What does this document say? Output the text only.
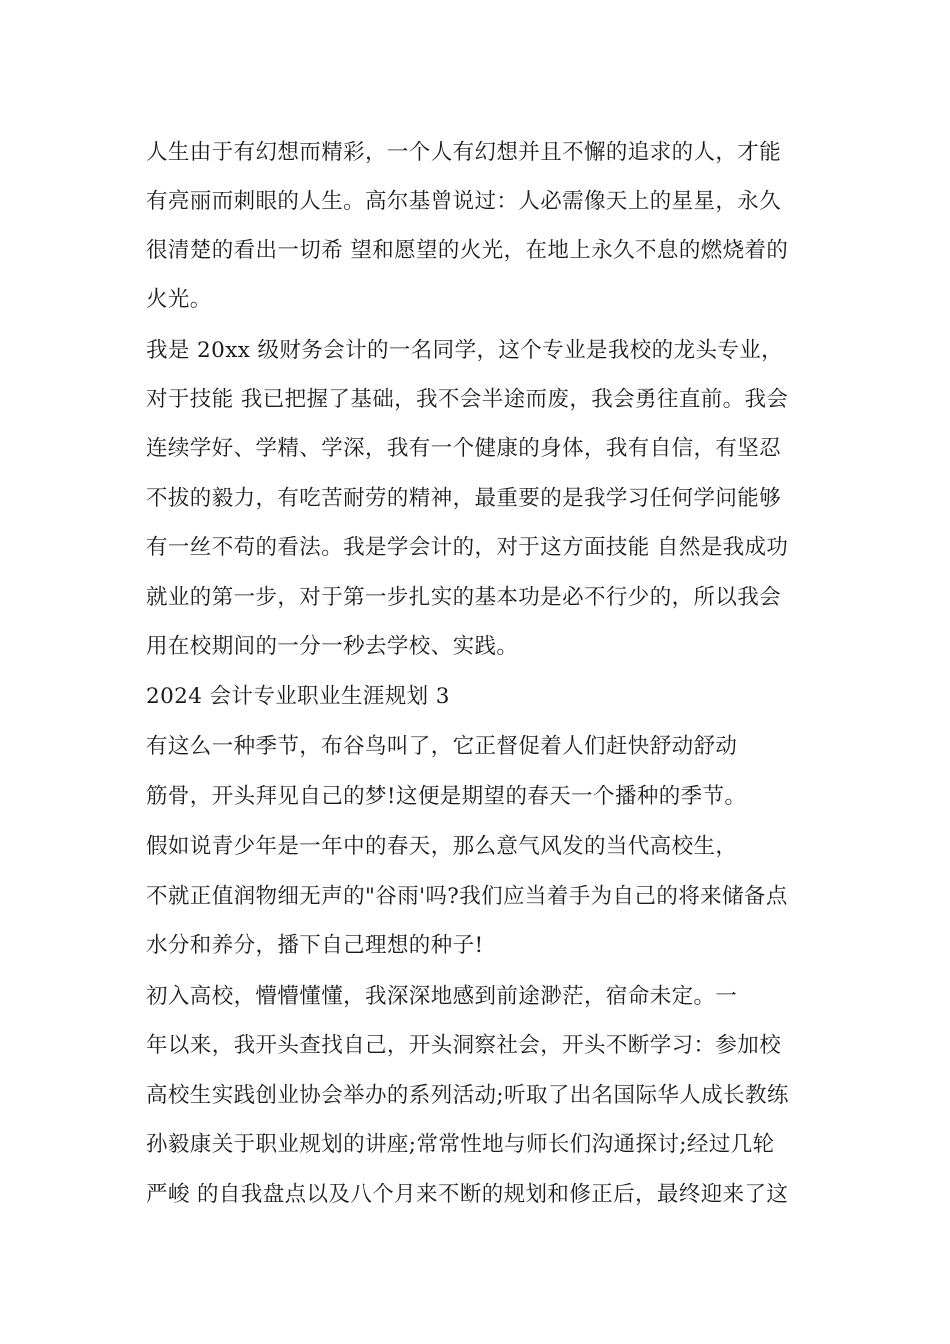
人生由于有幻想而精彩，一个人有幻想并且不懈的追求的人，才能
有亮丽而刺眼的人生。高尔基曾说过：人必需像天上的星星，永久
很清楚的看出一切希 望和愿望的火光，在地上永久不息的燃烧着的
火光。
我是 20xx 级财务会计的一名同学，这个专业是我校的龙头专业，
对于技能 我已把握了基础，我不会半途而废，我会勇往直前。我会
连续学好、学精、学深，我有一个健康的身体，我有自信，有坚忍
不拔的毅力，有吃苦耐劳的精神，最重要的是我学习任何学问能够
有一丝不苟的看法。我是学会计的，对于这方面技能 自然是我成功
就业的第一步，对于第一步扎实的基本功是必不行少的，所以我会
用在校期间的一分一秒去学校、实践。
2024 会计专业职业生涯规划 3
有这么一种季节，布谷鸟叫了，它正督促着人们赶快舒动舒动
筋骨，开头拜见自己的梦!这便是期望的春天一个播种的季节。
假如说青少年是一年中的春天，那么意气风发的当代高校生，
不就正值润物细无声的"谷雨'吗?我们应当着手为自己的将来储备点
水分和养分，播下自己理想的种子!
初入高校，懵懵懂懂，我深深地感到前途渺茫，宿命未定。一
年以来，我开头查找自己，开头洞察社会，开头不断学习：参加校
高校生实践创业协会举办的系列活动;听取了出名国际华人成长教练
孙毅康关于职业规划的讲座;常常性地与师长们沟通探讨;经过几轮
严峻 的自我盘点以及八个月来不断的规划和修正后，最终迎来了这
